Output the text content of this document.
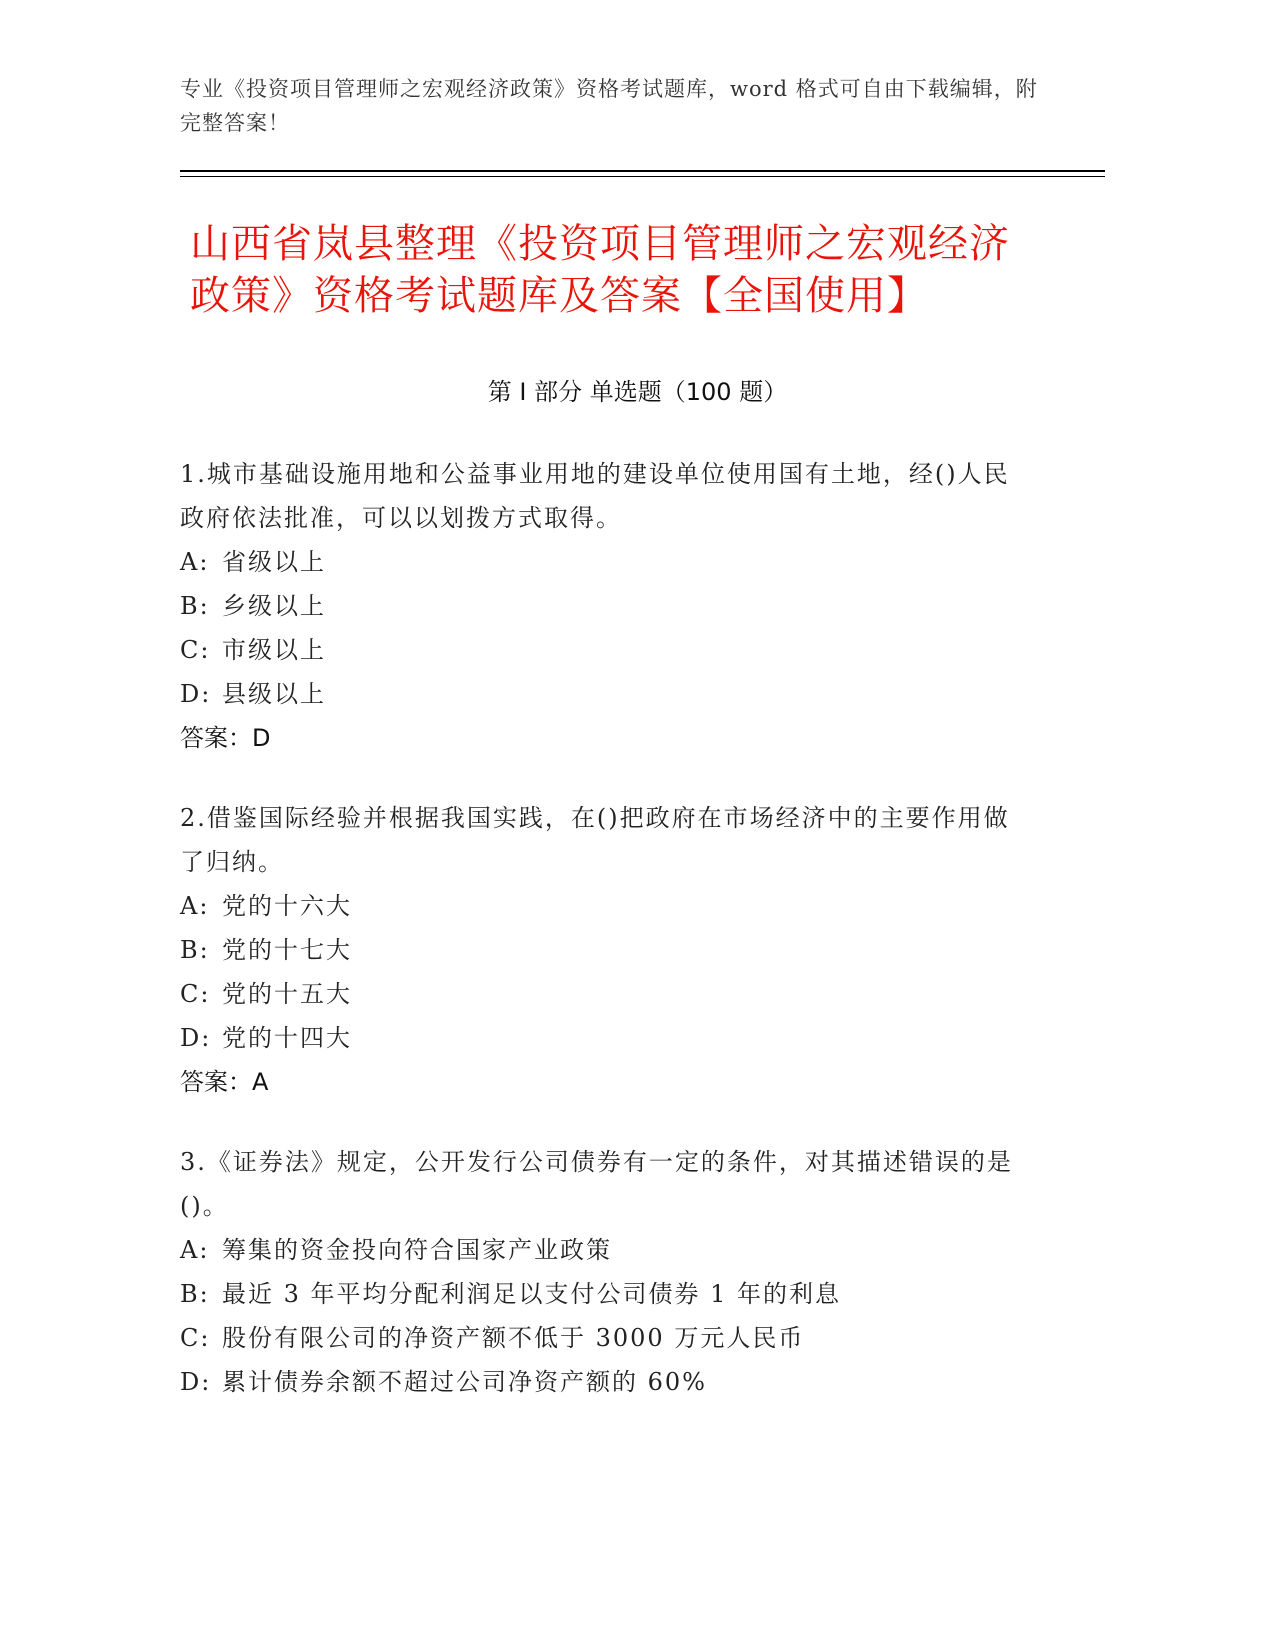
专业《投资项目管理师之宏观经济政策》资格考试题库，word 格式可自由下载编辑，附完整答案！
山西省岚县整理《投资项目管理师之宏观经济政策》资格考试题库及答案【全国使用】
第 I 部分 单选题（100 题）
1.城市基础设施用地和公益事业用地的建设单位使用国有土地，经()人民政府依法批准，可以以划拨方式取得。
A: 省级以上
B: 乡级以上
C: 市级以上
D: 县级以上
答案：D
2.借鉴国际经验并根据我国实践，在()把政府在市场经济中的主要作用做了归纳。
A: 党的十六大
B: 党的十七大
C: 党的十五大
D: 党的十四大
答案：A
3.《证券法》规定，公开发行公司债券有一定的条件，对其描述错误的是()。
A: 筹集的资金投向符合国家产业政策
B: 最近 3 年平均分配利润足以支付公司债券 1 年的利息
C: 股份有限公司的净资产额不低于 3000 万元人民币
D: 累计债券余额不超过公司净资产额的 60%
